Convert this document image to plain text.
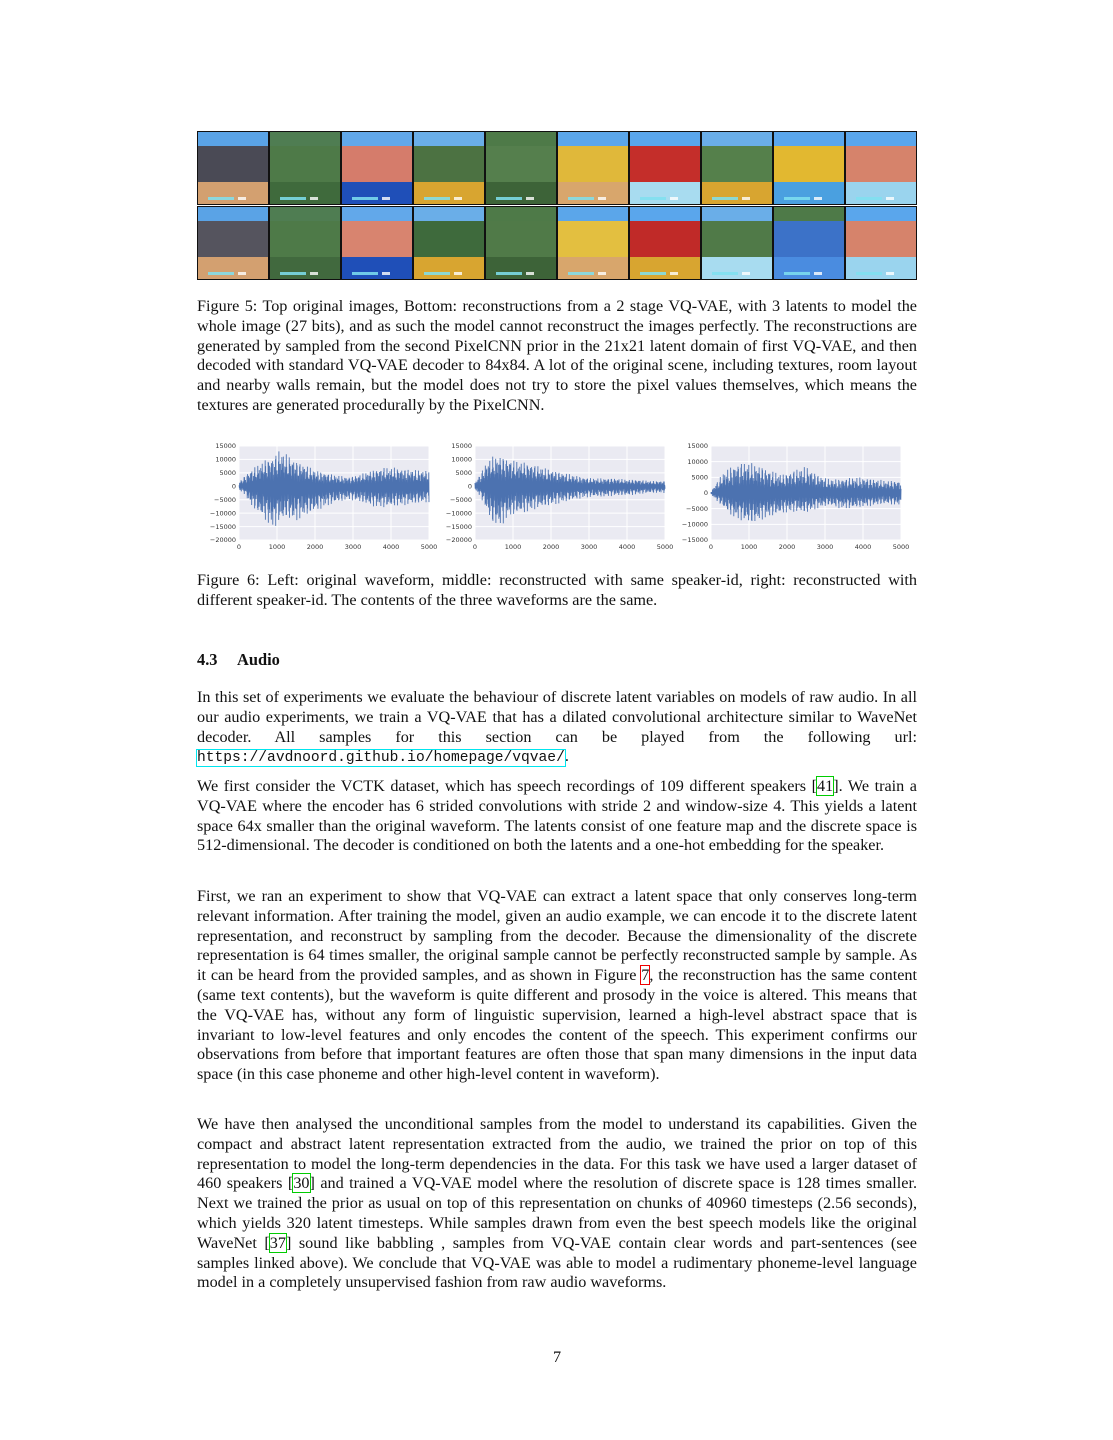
Figure 5: Top original images, Bottom: reconstructions from a 2 stage VQ-VAE, with 3 latents to model the whole image (27 bits), and as such the model cannot reconstruct the images perfectly. The reconstructions are generated by sampled from the second PixelCNN prior in the 21x21 latent domain of first VQ-VAE, and then decoded with standard VQ-VAE decoder to 84x84. A lot of the original scene, including textures, room layout and nearby walls remain, but the model does not try to store the pixel values themselves, which means the textures are generated procedurally by the PixelCNN.
0	1000	2000	3000	4000	5000
15000
10000
5000
0
−5000
−10000
−15000
−20000
0	1000	2000	3000	4000	5000
15000
10000
5000
0
−5000
−10000
−15000
−20000
0	1000	2000	3000	4000	5000
15000
10000
5000
0
−5000
−10000
−15000
Figure 6: Left: original waveform, middle: reconstructed with same speaker-id, right: reconstructed with different speaker-id. The contents of the three waveforms are the same.
4.3 Audio
In this set of experiments we evaluate the behaviour of discrete latent variables on models of raw audio. In all our audio experiments, we train a VQ-VAE that has a dilated convolutional architecture similar to WaveNet decoder. All samples for this section can be played from the following url: https://avdnoord.github.io/homepage/vqvae/.
We first consider the VCTK dataset, which has speech recordings of 109 different speakers [41]. We train a VQ-VAE where the encoder has 6 strided convolutions with stride 2 and window-size 4. This yields a latent space 64x smaller than the original waveform. The latents consist of one feature map and the discrete space is 512-dimensional. The decoder is conditioned on both the latents and a one-hot embedding for the speaker.
First, we ran an experiment to show that VQ-VAE can extract a latent space that only conserves long-term relevant information. After training the model, given an audio example, we can encode it to the discrete latent representation, and reconstruct by sampling from the decoder. Because the dimensionality of the discrete representation is 64 times smaller, the original sample cannot be perfectly reconstructed sample by sample. As it can be heard from the provided samples, and as shown in Figure 7, the reconstruction has the same content (same text contents), but the waveform is quite different and prosody in the voice is altered. This means that the VQ-VAE has, without any form of linguistic supervision, learned a high-level abstract space that is invariant to low-level features and only encodes the content of the speech. This experiment confirms our observations from before that important features are often those that span many dimensions in the input data space (in this case phoneme and other high-level content in waveform).
We have then analysed the unconditional samples from the model to understand its capabilities. Given the compact and abstract latent representation extracted from the audio, we trained the prior on top of this representation to model the long-term dependencies in the data. For this task we have used a larger dataset of 460 speakers [30] and trained a VQ-VAE model where the resolution of discrete space is 128 times smaller. Next we trained the prior as usual on top of this representation on chunks of 40960 timesteps (2.56 seconds), which yields 320 latent timesteps. While samples drawn from even the best speech models like the original WaveNet [37] sound like babbling , samples from VQ-VAE contain clear words and part-sentences (see samples linked above). We conclude that VQ-VAE was able to model a rudimentary phoneme-level language model in a completely unsupervised fashion from raw audio waveforms.
7
